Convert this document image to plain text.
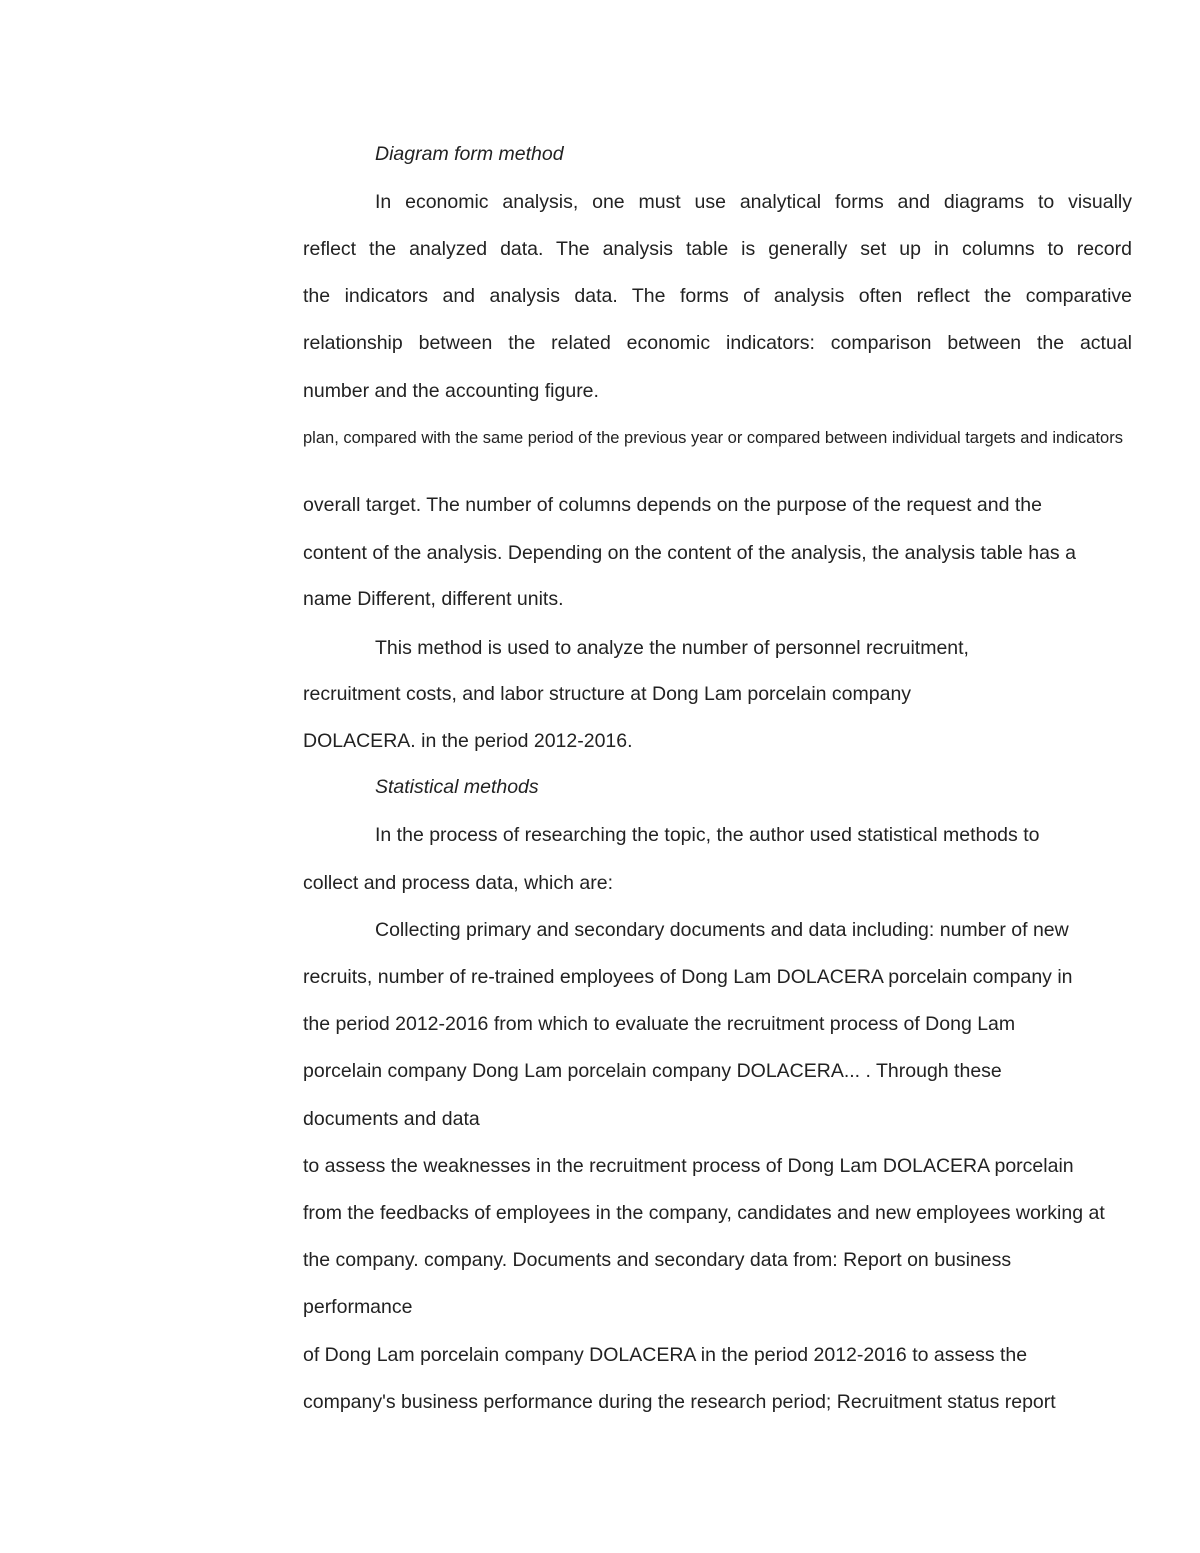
Diagram form method

In economic analysis, one must use analytical forms and diagrams to visually

reflect the analyzed data. The analysis table is generally set up in columns to record

the indicators and analysis data. The forms of analysis often reflect the comparative

relationship between the related economic indicators: comparison between the actual

number and the accounting figure.

plan, compared with the same period of the previous year or compared between individual targets and indicators

overall target. The number of columns depends on the purpose of the request and the

content of the analysis. Depending on the content of the analysis, the analysis table has a

name Different, different units.

This method is used to analyze the number of personnel recruitment,

recruitment costs, and labor structure at Dong Lam porcelain company

DOLACERA. in the period 2012-2016.

Statistical methods

In the process of researching the topic, the author used statistical methods to

collect and process data, which are:

Collecting primary and secondary documents and data including: number of new

recruits, number of re-trained employees of Dong Lam DOLACERA porcelain company in

the period 2012-2016 from which to evaluate the recruitment process of Dong Lam

porcelain company Dong Lam porcelain company DOLACERA... . Through these

documents and data

to assess the weaknesses in the recruitment process of Dong Lam DOLACERA porcelain

from the feedbacks of employees in the company, candidates and new employees working at

the company. company. Documents and secondary data from: Report on business

performance

of Dong Lam porcelain company DOLACERA in the period 2012-2016 to assess the

company's business performance during the research period; Recruitment status report
